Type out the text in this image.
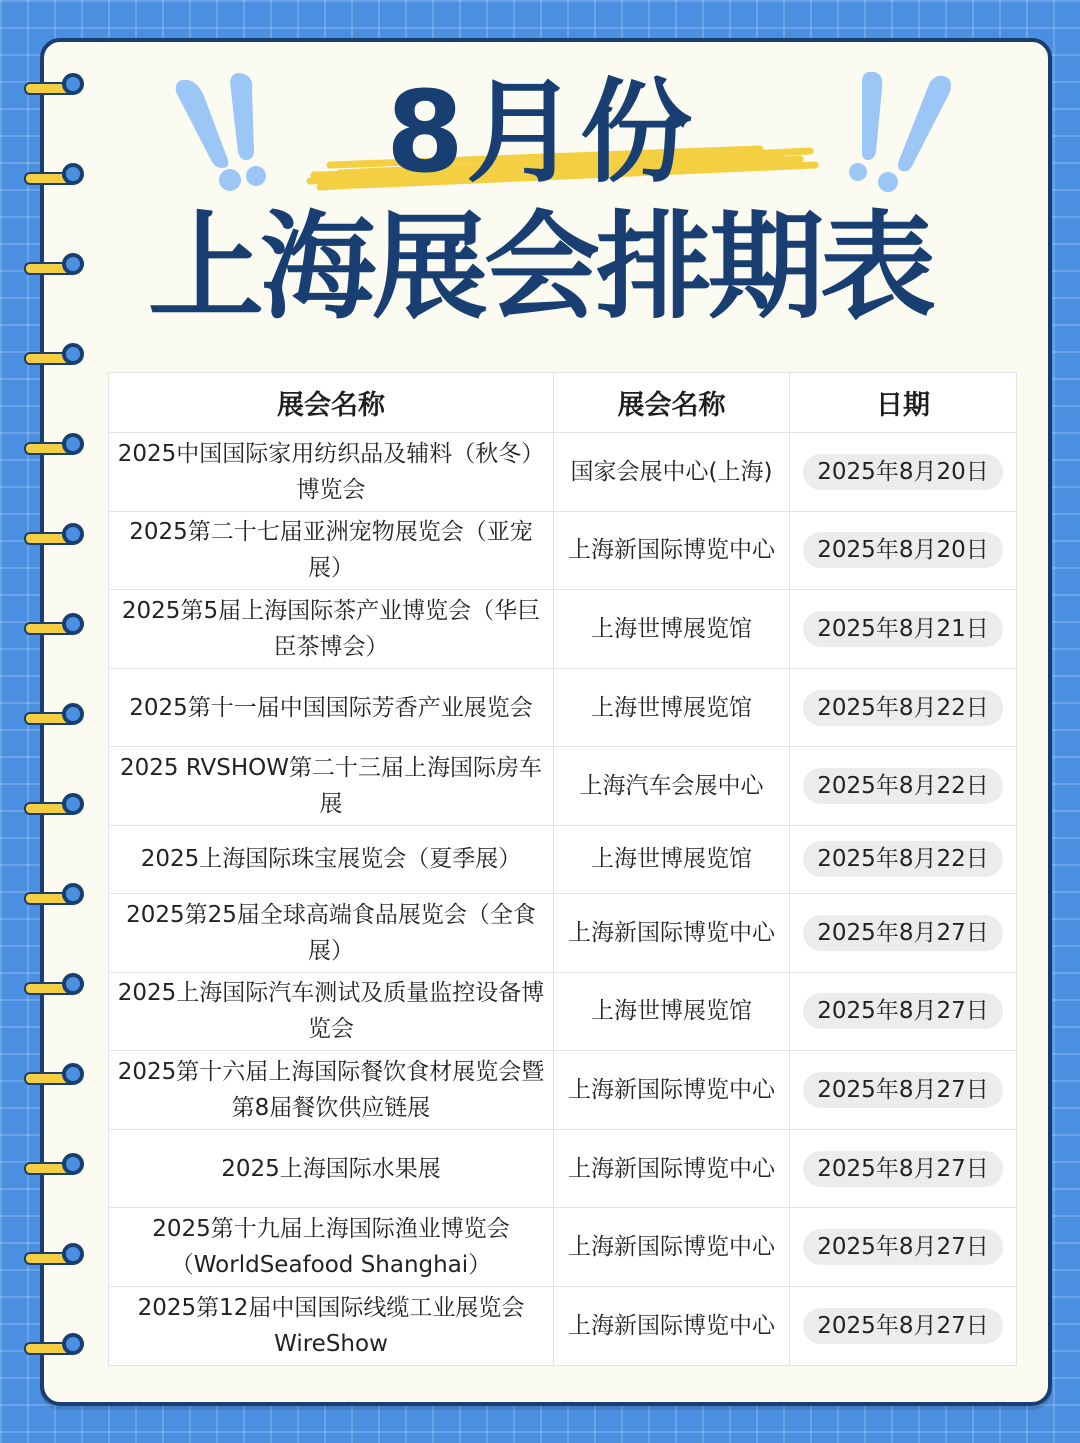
8月份
上海展会排期表
展会名称	展会名称	日期
2025中国国际家用纺织品及辅料（秋冬）博览会	国家会展中心(上海)	2025年8月20日
2025第二十七届亚洲宠物展览会（亚宠展）	上海新国际博览中心	2025年8月20日
2025第5届上海国际茶产业博览会（华巨臣茶博会）	上海世博展览馆	2025年8月21日
2025第十一届中国国际芳香产业展览会	上海世博展览馆	2025年8月22日
2025 RVSHOW第二十三届上海国际房车展	上海汽车会展中心	2025年8月22日
2025上海国际珠宝展览会（夏季展）	上海世博展览馆	2025年8月22日
2025第25届全球高端食品展览会（全食展）	上海新国际博览中心	2025年8月27日
2025上海国际汽车测试及质量监控设备博览会	上海世博展览馆	2025年8月27日
2025第十六届上海国际餐饮食材展览会暨第8届餐饮供应链展	上海新国际博览中心	2025年8月27日
2025上海国际水果展	上海新国际博览中心	2025年8月27日
2025第十九届上海国际渔业博览会（WorldSeafood Shanghai）	上海新国际博览中心	2025年8月27日
2025第12届中国国际线缆工业展览会WireShow	上海新国际博览中心	2025年8月27日
